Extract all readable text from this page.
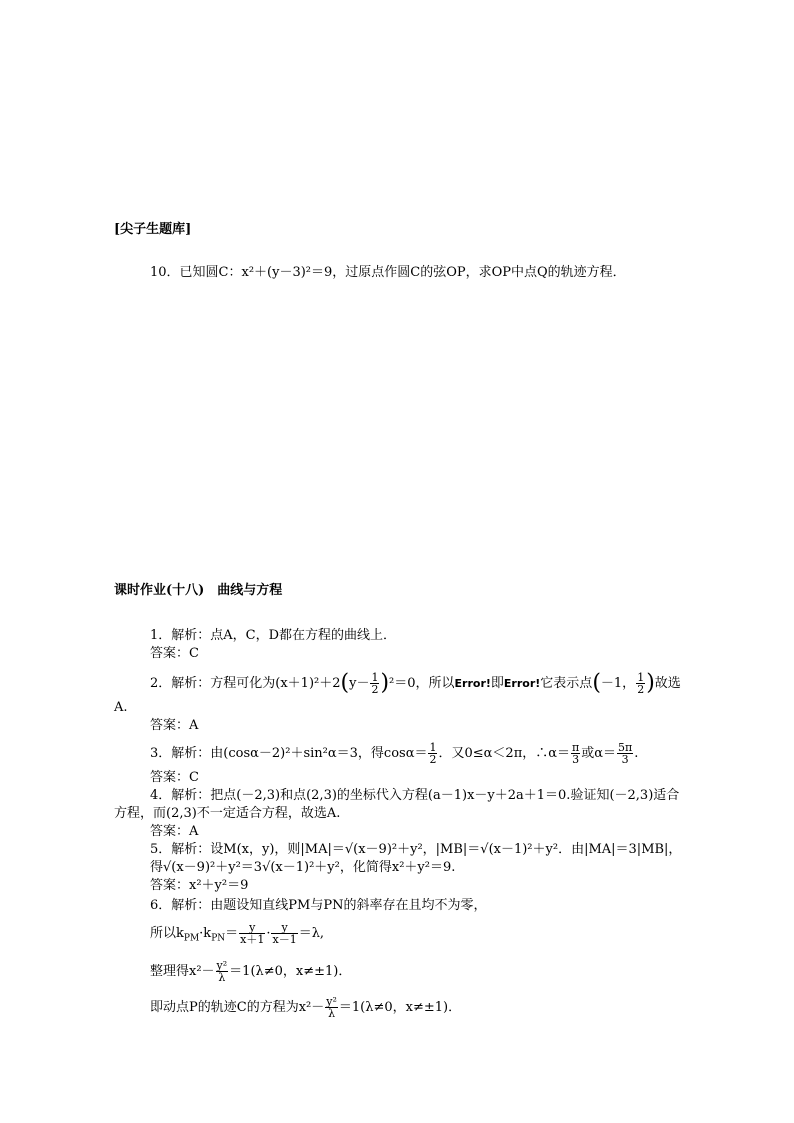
[尖子生题库]
10．已知圆C：x²＋(y－3)²＝9，过原点作圆C的弦OP，求OP中点Q的轨迹方程．
课时作业(十八)　曲线与方程
1．解析：点A，C，D都在方程的曲线上．
答案：C
2．解析：方程可化为$(x+1)^2+2(y- \frac{1}{2} )^2=0$，所以Error!即Error!它表示点(－1， $\frac{1}{2}$ )故选
A.
答案：A
3．解析：由(cosα－2)²＋sin²α＝3，得$\cos\alpha= \frac{1}{2}$ ．又0≤α＜2π，∴α＝ $\frac{\pi}{3}$ 或$\alpha= \frac{5\pi}{3}$ .
答案：C
4．解析：把点(－2,3)和点(2,3)的坐标代入方程(a－1)x－y＋2a＋1＝0.验证知(－2,3)适合
方程，而(2,3)不一定适合方程，故选A.
答案：A
5．解析：设M(x，y)，则|MA|＝√(x－9)²＋y²，|MB|＝√(x－1)²＋y²．由|MA|＝3|MB|，
得√(x－9)²＋y²＝3√(x－1)²＋y²，化简得x²＋y²＝9.
答案：x²＋y²＝9
6．解析：由题设知直线PM与PN的斜率存在且均不为零，
所以$k_{PM}\cdot k_{PN}= \frac{y}{x+1} \cdot \frac{y}{x-1} =\lambda$,
整理得$x^2- \frac{\text{y²}}{\lambda} =1(\lambda\ne 0$，x≠±1)．
即动点P的轨迹C的方程为$x^2- \frac{\text{y²}}{\lambda} =1(\lambda\ne 0$，x≠±1)．
